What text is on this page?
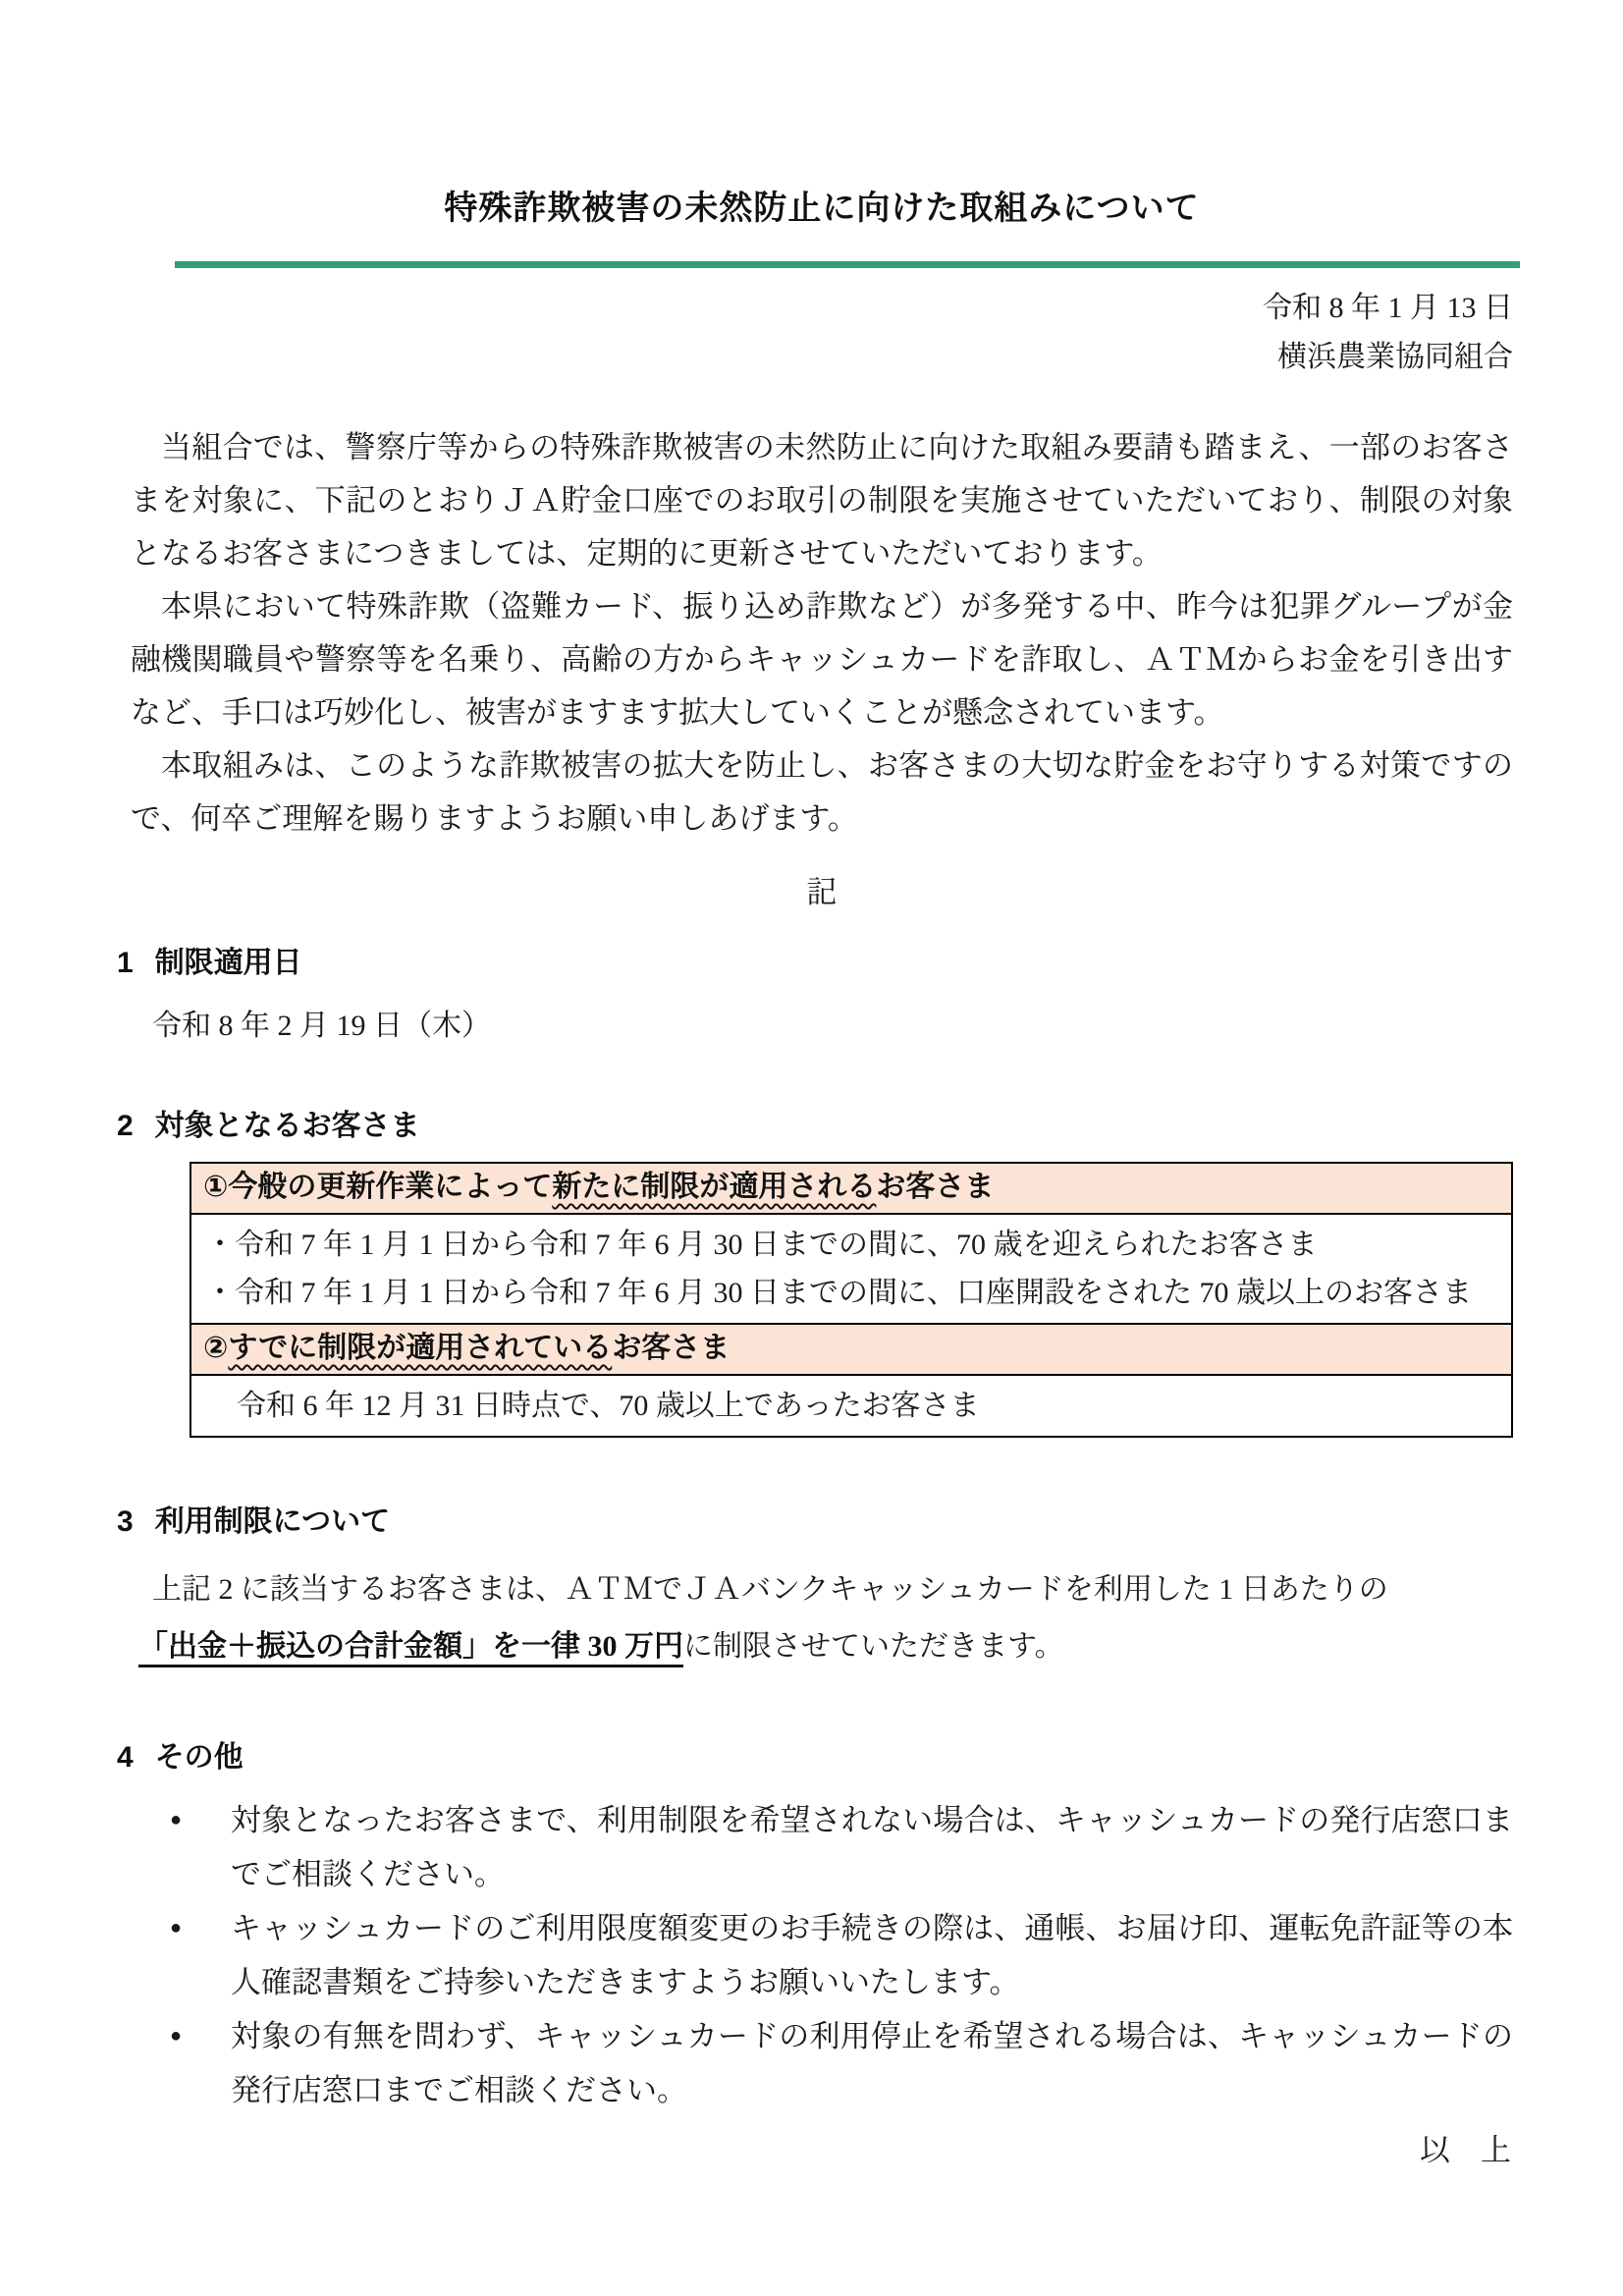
特殊詐欺被害の未然防止に向けた取組みについて
令和 8 年 1 月 13 日
横浜農業協同組合

当組合では、警察庁等からの特殊詐欺被害の未然防止に向けた取組み要請も踏まえ、一部のお客さまを対象に、下記のとおりＪＡ貯金口座でのお取引の制限を実施させていただいており、制限の対象となるお客さまにつきましては、定期的に更新させていただいております。

本県において特殊詐欺（盗難カード、振り込め詐欺など）が多発する中、昨今は犯罪グループが金融機関職員や警察等を名乗り、高齢の方からキャッシュカードを詐取し、ＡＴＭからお金を引き出すなど、手口は巧妙化し、被害がますます拡大していくことが懸念されています。

本取組みは、このような詐欺被害の拡大を防止し、お客さまの大切な貯金をお守りする対策ですので、何卒ご理解を賜りますようお願い申しあげます。

記
1 制限適用日
令和 8 年 2 月 19 日（木）
2 対象となるお客さま
①今般の更新作業によって新たに制限が適用されるお客さま

・令和 7 年 1 月 1 日から令和 7 年 6 月 30 日までの間に、70 歳を迎えられたお客さま
・令和 7 年 1 月 1 日から令和 7 年 6 月 30 日までの間に、口座開設をされた 70 歳以上のお客さま

②すでに制限が適用されているお客さま

令和 6 年 12 月 31 日時点で、70 歳以上であったお客さま
3 利用制限について
上記 2 に該当するお客さまは、ＡＴＭでＪＡバンクキャッシュカードを利用した 1 日あたりの
「出金＋振込の合計金額」を一律 30 万円に制限させていただきます。
4 その他
●	対象となったお客さまで、利用制限を希望されない場合は、キャッシュカードの発行店窓口までご相談ください。
●	キャッシュカードのご利用限度額変更のお手続きの際は、通帳、お届け印、運転免許証等の本人確認書類をご持参いただきますようお願いいたします。
●	対象の有無を問わず、キャッシュカードの利用停止を希望される場合は、キャッシュカードの発行店窓口までご相談ください。
以　上
